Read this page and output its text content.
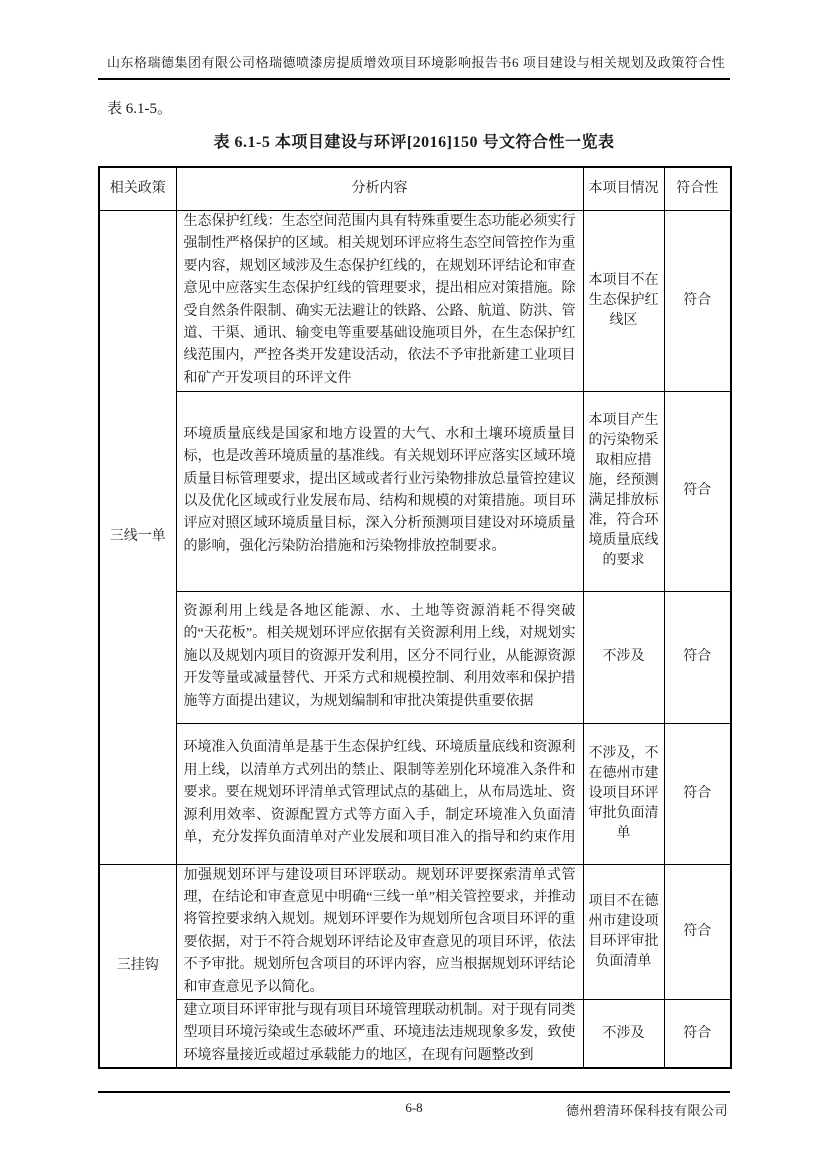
山东格瑞德集团有限公司格瑞德喷漆房提质增效项目环境影响报告书 6 项目建设与相关规划及政策符合性
表 6.1-5。
表 6.1-5 本项目建设与环评[2016]150 号文符合性一览表
相关政策	分析内容	本项目情况	符合性
三线一单	生态保护红线：生态空间范围内具有特殊重要生态功能必须实行强制性严格保护的区域。相关规划环评应将生态空间管控作为重要内容，规划区域涉及生态保护红线的，在规划环评结论和审查意见中应落实生态保护红线的管理要求，提出相应对策措施。除受自然条件限制、确实无法避让的铁路、公路、航道、防洪、管道、干渠、通讯、输变电等重要基础设施项目外，在生态保护红线范围内，严控各类开发建设活动，依法不予审批新建工业项目和矿产开发项目的环评文件	本项目不在生态保护红线区	符合
	环境质量底线是国家和地方设置的大气、水和土壤环境质量目标，也是改善环境质量的基准线。有关规划环评应落实区域环境质量目标管理要求，提出区域或者行业污染物排放总量管控建议以及优化区域或行业发展布局、结构和规模的对策措施。项目环评应对照区域环境质量目标，深入分析预测项目建设对环境质量的影响，强化污染防治措施和污染物排放控制要求。	本项目产生的污染物采取相应措施，经预测满足排放标准，符合环境质量底线的要求	符合
	资源利用上线是各地区能源、水、土地等资源消耗不得突破的“天花板”。相关规划环评应依据有关资源利用上线，对规划实施以及规划内项目的资源开发利用，区分不同行业，从能源资源开发等量或减量替代、开采方式和规模控制、利用效率和保护措施等方面提出建议，为规划编制和审批决策提供重要依据	不涉及	符合
	环境准入负面清单是基于生态保护红线、环境质量底线和资源利用上线，以清单方式列出的禁止、限制等差别化环境准入条件和要求。要在规划环评清单式管理试点的基础上，从布局选址、资源利用效率、资源配置方式等方面入手，制定环境准入负面清单，充分发挥负面清单对产业发展和项目准入的指导和约束作用	不涉及，不在德州市建设项目环评审批负面清单	符合
三挂钩	加强规划环评与建设项目环评联动。规划环评要探索清单式管理，在结论和审查意见中明确“三线一单”相关管控要求，并推动将管控要求纳入规划。规划环评要作为规划所包含项目环评的重要依据，对于不符合规划环评结论及审查意见的项目环评，依法不予审批。规划所包含项目的环评内容，应当根据规划环评结论和审查意见予以简化。	项目不在德州市建设项目环评审批负面清单	符合
	建立项目环评审批与现有项目环境管理联动机制。对于现有同类型项目环境污染或生态破坏严重、环境违法违规现象多发，致使环境容量接近或超过承载能力的地区，在现有问题整改到	不涉及	符合
6-8	德州碧清环保科技有限公司
